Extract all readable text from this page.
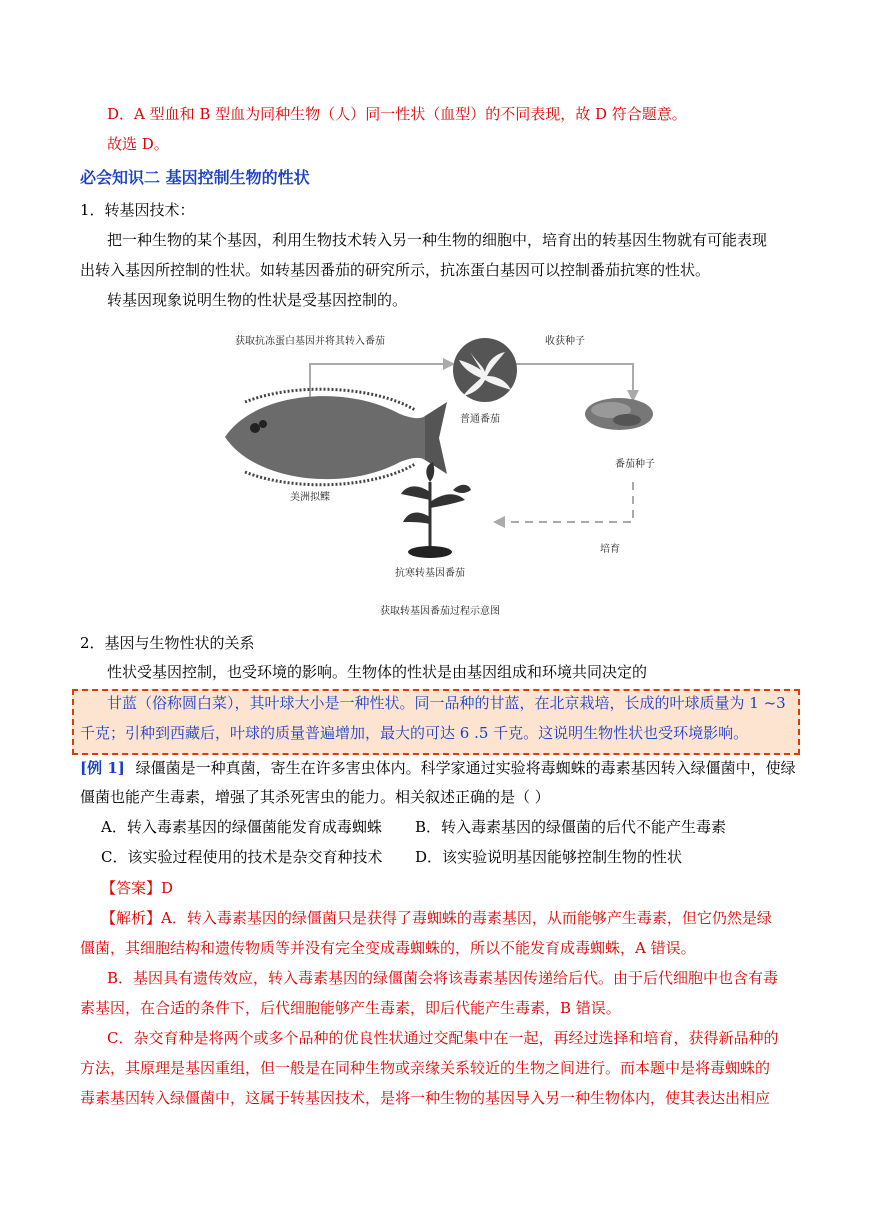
D．A 型血和 B 型血为同种生物（人）同一性状（血型）的不同表现，故 D 符合题意。
故选 D。
必会知识二 基因控制生物的性状
1．转基因技术：
把一种生物的某个基因，利用生物技术转入另一种生物的细胞中，培育出的转基因生物就有可能表现
出转入基因所控制的性状。如转基因番茄的研究所示，抗冻蛋白基因可以控制番茄抗寒的性状。
转基因现象说明生物的性状是受基因控制的。
获取抗冻蛋白基因并将其转入番茄	收获种子
普通番茄
美洲拟鲽
番茄种子
培育
抗寒转基因番茄
获取转基因番茄过程示意图
2．基因与生物性状的关系
性状受基因控制，也受环境的影响。生物体的性状是由基因组成和环境共同决定的
甘蓝（俗称圆白菜），其叶球大小是一种性状。同一品种的甘蓝，在北京栽培，长成的叶球质量为 1 ~3
千克；引种到西藏后，叶球的质量普遍增加，最大的可达 6 .5 千克。这说明生物性状也受环境影响。
[例 1] 绿僵菌是一种真菌，寄生在许多害虫体内。科学家通过实验将毒蜘蛛的毒素基因转入绿僵菌中，使绿
僵菌也能产生毒素，增强了其杀死害虫的能力。相关叙述正确的是（ ）
A．转入毒素基因的绿僵菌能发育成毒蜘蛛 B．转入毒素基因的绿僵菌的后代不能产生毒素
C．该实验过程使用的技术是杂交育种技术 D．该实验说明基因能够控制生物的性状
【答案】D
【解析】A．转入毒素基因的绿僵菌只是获得了毒蜘蛛的毒素基因，从而能够产生毒素，但它仍然是绿
僵菌，其细胞结构和遗传物质等并没有完全变成毒蜘蛛的，所以不能发育成毒蜘蛛，A 错误。
B．基因具有遗传效应，转入毒素基因的绿僵菌会将该毒素基因传递给后代。由于后代细胞中也含有毒
素基因，在合适的条件下，后代细胞能够产生毒素，即后代能产生毒素，B 错误。
C．杂交育种是将两个或多个品种的优良性状通过交配集中在一起，再经过选择和培育，获得新品种的
方法，其原理是基因重组，但一般是在同种生物或亲缘关系较近的生物之间进行。而本题中是将毒蜘蛛的
毒素基因转入绿僵菌中，这属于转基因技术，是将一种生物的基因导入另一种生物体内，使其表达出相应
